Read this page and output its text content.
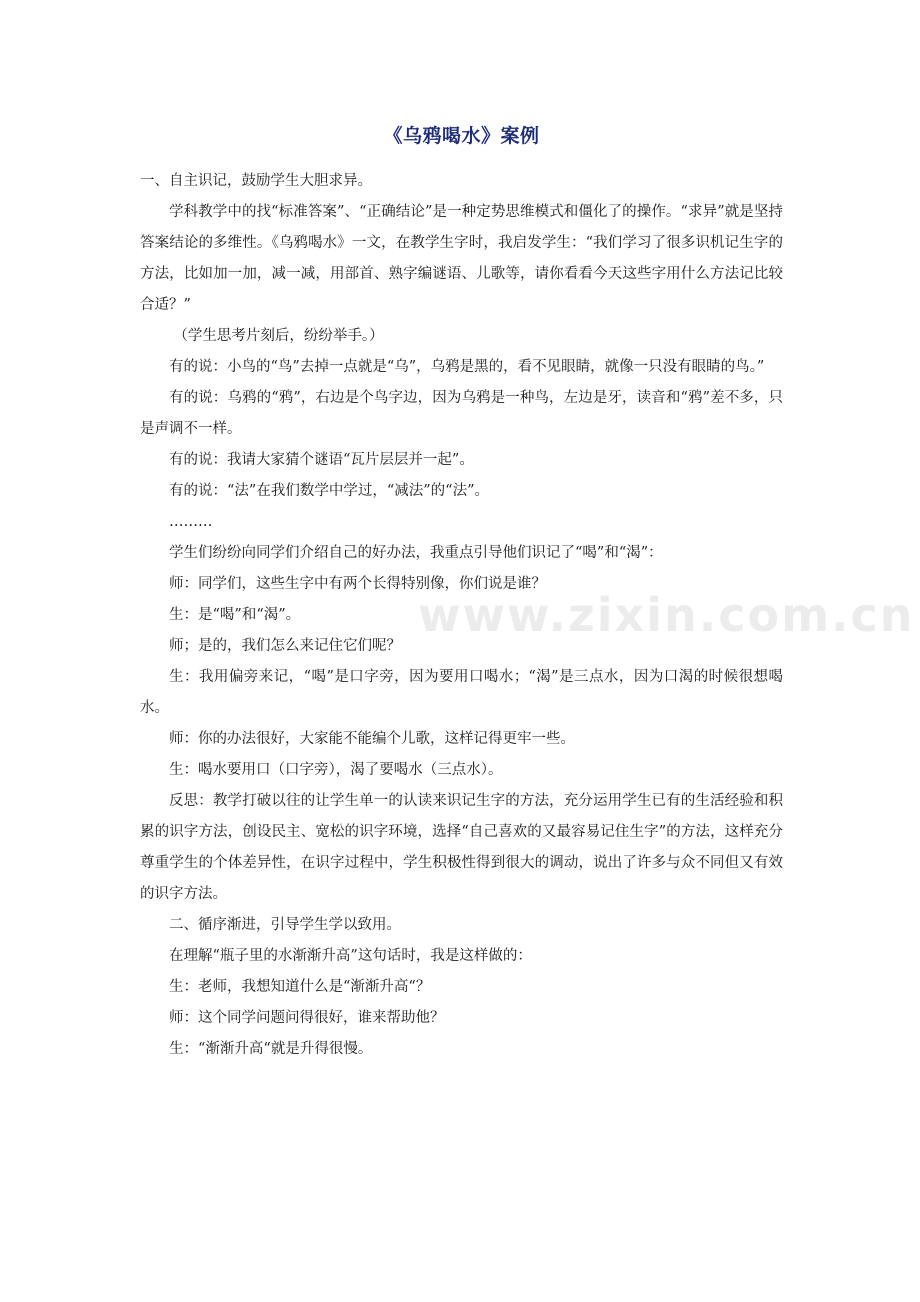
《乌鸦喝水》案例

一、自主识记，鼓励学生大胆求异。

学科教学中的找“标准答案”、“正确结论”是一种定势思维模式和僵化了的操作。“求异”就是坚持答案结论的多维性。《乌鸦喝水》一文，在教学生字时，我启发学生：“我们学习了很多识机记生字的方法，比如加一加，减一减，用部首、熟字编谜语、儿歌等，请你看看今天这些字用什么方法记比较合适？”

（学生思考片刻后，纷纷举手。）

有的说：小鸟的“鸟”去掉一点就是“乌”，乌鸦是黑的，看不见眼睛，就像一只没有眼睛的鸟。”

有的说：乌鸦的“鸦”，右边是个鸟字边，因为乌鸦是一种鸟，左边是牙，读音和“鸦”差不多，只是声调不一样。

有的说：我请大家猜个谜语“瓦片层层并一起”。

有的说：“法”在我们数学中学过，“减法”的“法”。

………

学生们纷纷向同学们介绍自己的好办法，我重点引导他们识记了“喝”和“渴”：

师：同学们，这些生字中有两个长得特别像，你们说是谁？

生：是“喝”和“渴”。

师；是的，我们怎么来记住它们呢？

生：我用偏旁来记，“喝”是口字旁，因为要用口喝水；“渴”是三点水，因为口渴的时候很想喝水。

师：你的办法很好，大家能不能编个儿歌，这样记得更牢一些。

生：喝水要用口（口字旁），渴了要喝水（三点水）。

反思：教学打破以往的让学生单一的认读来识记生字的方法，充分运用学生已有的生活经验和积累的识字方法，创设民主、宽松的识字环境，选择“自己喜欢的又最容易记住生字”的方法，这样充分尊重学生的个体差异性，在识字过程中，学生积极性得到很大的调动，说出了许多与众不同但又有效的识字方法。

二、循序渐进，引导学生学以致用。

在理解“瓶子里的水渐渐升高”这句话时，我是这样做的：

生：老师，我想知道什么是“渐渐升高“？

师：这个同学问题问得很好，谁来帮助他？

生：“渐渐升高“就是升得很慢。

www.zixin.com.cn
